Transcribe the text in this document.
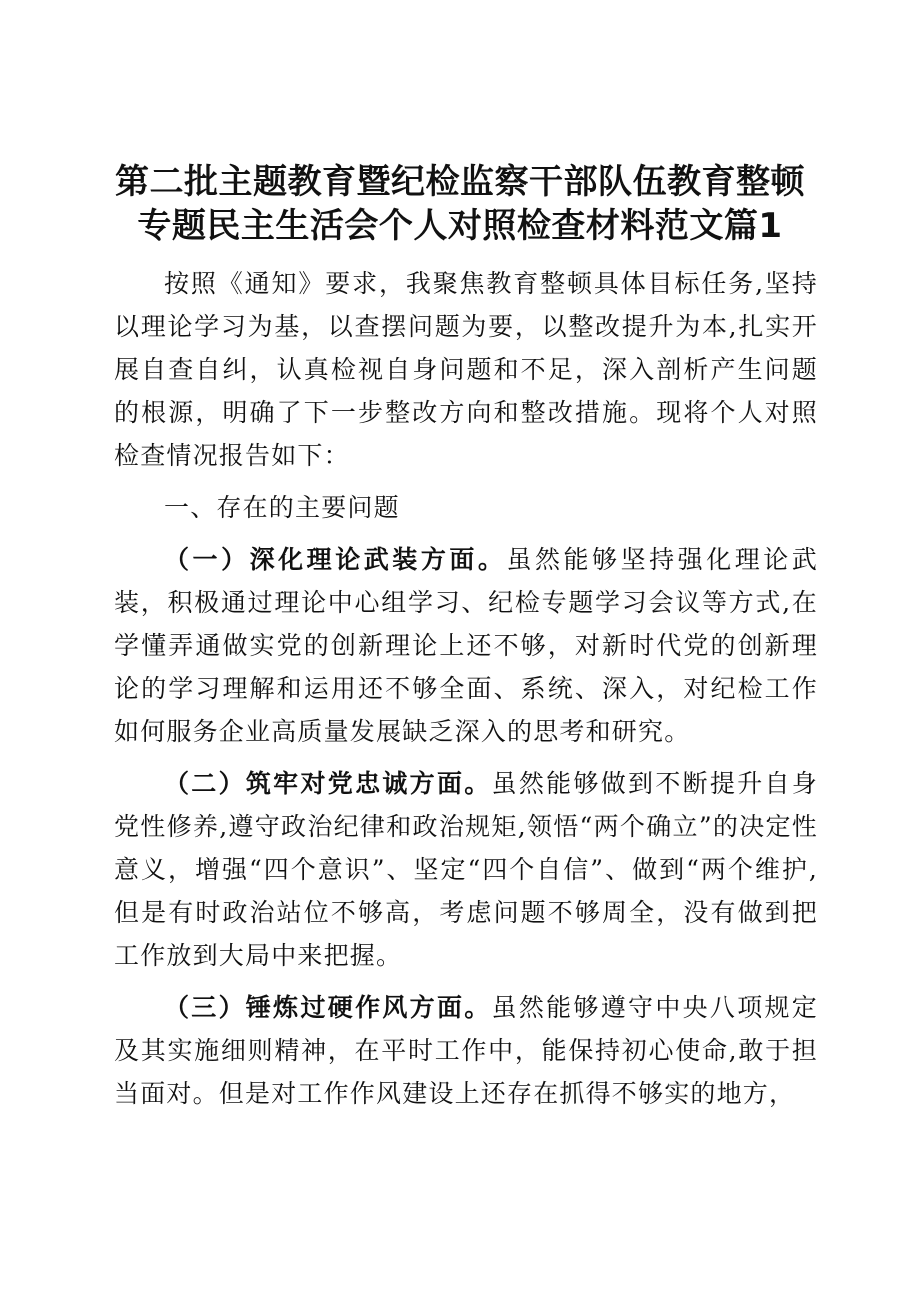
第二批主题教育暨纪检监察干部队伍教育整顿专题民主生活会个人对照检查材料范文篇1

按照《通知》要求，我聚焦教育整顿具体目标任务,坚持以理论学习为基，以查摆问题为要，以整改提升为本,扎实开展自查自纠，认真检视自身问题和不足，深入剖析产生问题的根源，明确了下一步整改方向和整改措施。现将个人对照检查情况报告如下：

一、存在的主要问题

（一）深化理论武装方面。虽然能够坚持强化理论武装，积极通过理论中心组学习、纪检专题学习会议等方式,在学懂弄通做实党的创新理论上还不够，对新时代党的创新理论的学习理解和运用还不够全面、系统、深入，对纪检工作如何服务企业高质量发展缺乏深入的思考和研究。

（二）筑牢对党忠诚方面。虽然能够做到不断提升自身党性修养,遵守政治纪律和政治规矩,领悟“两个确立”的决定性意义，增强“四个意识”、坚定“四个自信”、做到“两个维护,但是有时政治站位不够高，考虑问题不够周全，没有做到把工作放到大局中来把握。

（三）锤炼过硬作风方面。虽然能够遵守中央八项规定及其实施细则精神，在平时工作中，能保持初心使命,敢于担当面对。但是对工作作风建设上还存在抓得不够实的地方，
